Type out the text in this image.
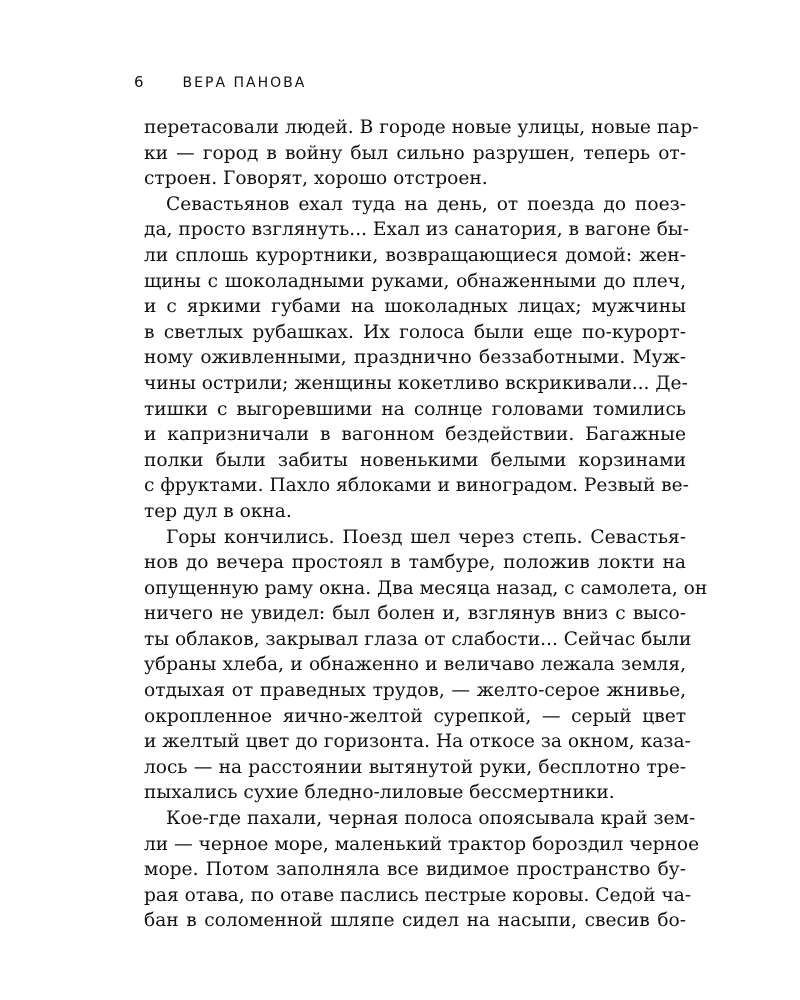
6	ВЕРА ПАНОВА
перетасовали людей. В городе новые улицы, новые пар-
ки — город в войну был сильно разрушен, теперь от-
строен. Говорят, хорошо отстроен.
Севастьянов ехал туда на день, от поезда до поез-
да, просто взглянуть... Ехал из санатория, в вагоне бы-
ли сплошь курортники, возвращающиеся домой: жен-
щины с шоколадными руками, обнаженными до плеч,
и с яркими губами на шоколадных лицах; мужчины
в светлых рубашках. Их голоса были еще по-курорт-
ному оживленными, празднично беззаботными. Муж-
чины острили; женщины кокетливо вскрикивали... Де-
тишки с выгоревшими на солнце головами томились
и капризничали в вагонном бездействии. Багажные
полки были забиты новенькими белыми корзинами
с фруктами. Пахло яблоками и виноградом. Резвый ве-
тер дул в окна.
Горы кончились. Поезд шел через степь. Севастья-
нов до вечера простоял в тамбуре, положив локти на
опущенную раму окна. Два месяца назад, с самолета, он
ничего не увидел: был болен и, взглянув вниз с высо-
ты облаков, закрывал глаза от слабости... Сейчас были
убраны хлеба, и обнаженно и величаво лежала земля,
отдыхая от праведных трудов, — желто-серое жнивье,
окропленное яично-желтой сурепкой, — серый цвет
и желтый цвет до горизонта. На откосе за окном, каза-
лось — на расстоянии вытянутой руки, бесплотно тре-
пыхались сухие бледно-лиловые бессмертники.
Кое-где пахали, черная полоса опоясывала край зем-
ли — черное море, маленький трактор бороздил черное
море. Потом заполняла все видимое пространство бу-
рая отава, по отаве паслись пестрые коровы. Седой ча-
бан в соломенной шляпе сидел на насыпи, свесив бо-
